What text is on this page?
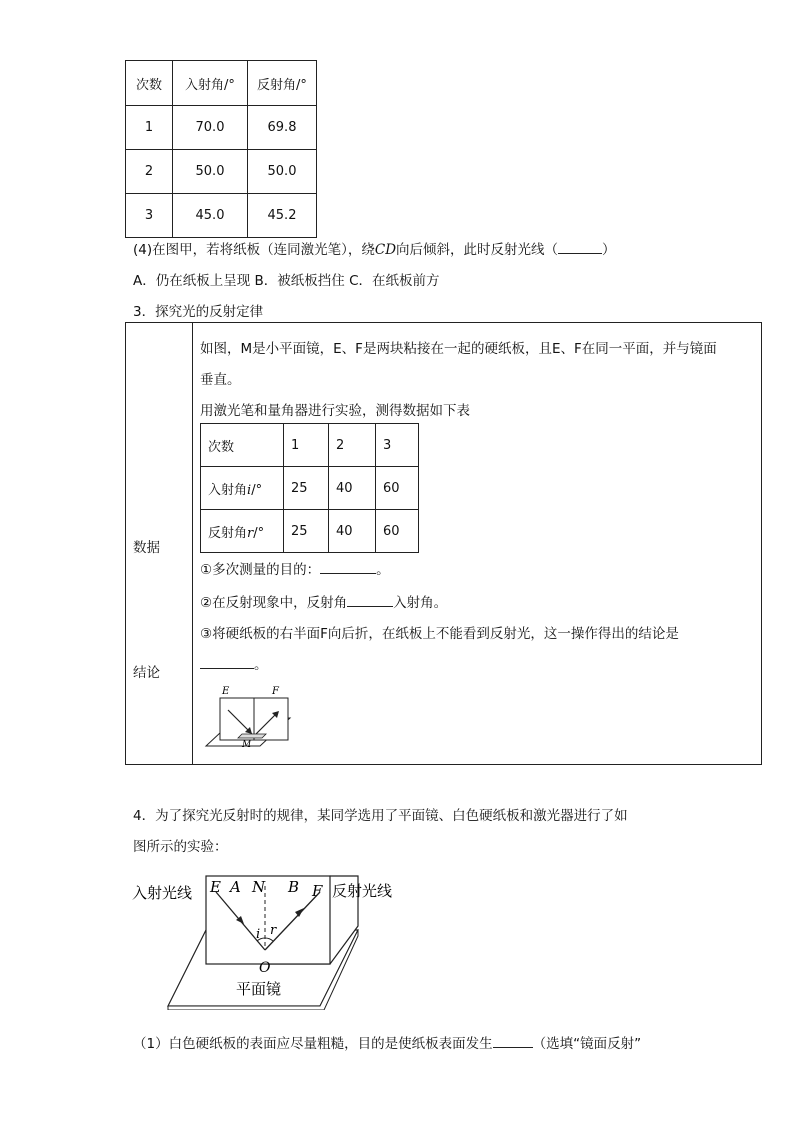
次数	入射角/°	反射角/°
1	70.0	69.8
2	50.0	50.0
3	45.0	45.2
(4)在图甲，若将纸板（连同激光笔），绕CD向后倾斜，此时反射光线（	）
A．仍在纸板上呈现 B．被纸板挡住 C．在纸板前方
3．探究光的反射定律
数据
结论
如图，M是小平面镜，E、F是两块粘接在一起的硬纸板，且E、F在同一平面，并与镜面
垂直。
用激光笔和量角器进行实验，测得数据如下表
次数	1	2	3
入射角i/°	25	40	60
反射角r/°	25	40	60
①多次测量的目的：	。
②在反射现象中，反射角	入射角。
③将硬纸板的右半面F向后折，在纸板上不能看到反射光，这一操作得出的结论是
。
E	F
M
4．为了探究光反射时的规律，某同学选用了平面镜、白色硬纸板和激光器进行了如
图所示的实验：
入射光线	反射光线
E A N B F
i r
O
平面镜
（1）白色硬纸板的表面应尽量粗糙，目的是使纸板表面发生	（选填“镜面反射”
